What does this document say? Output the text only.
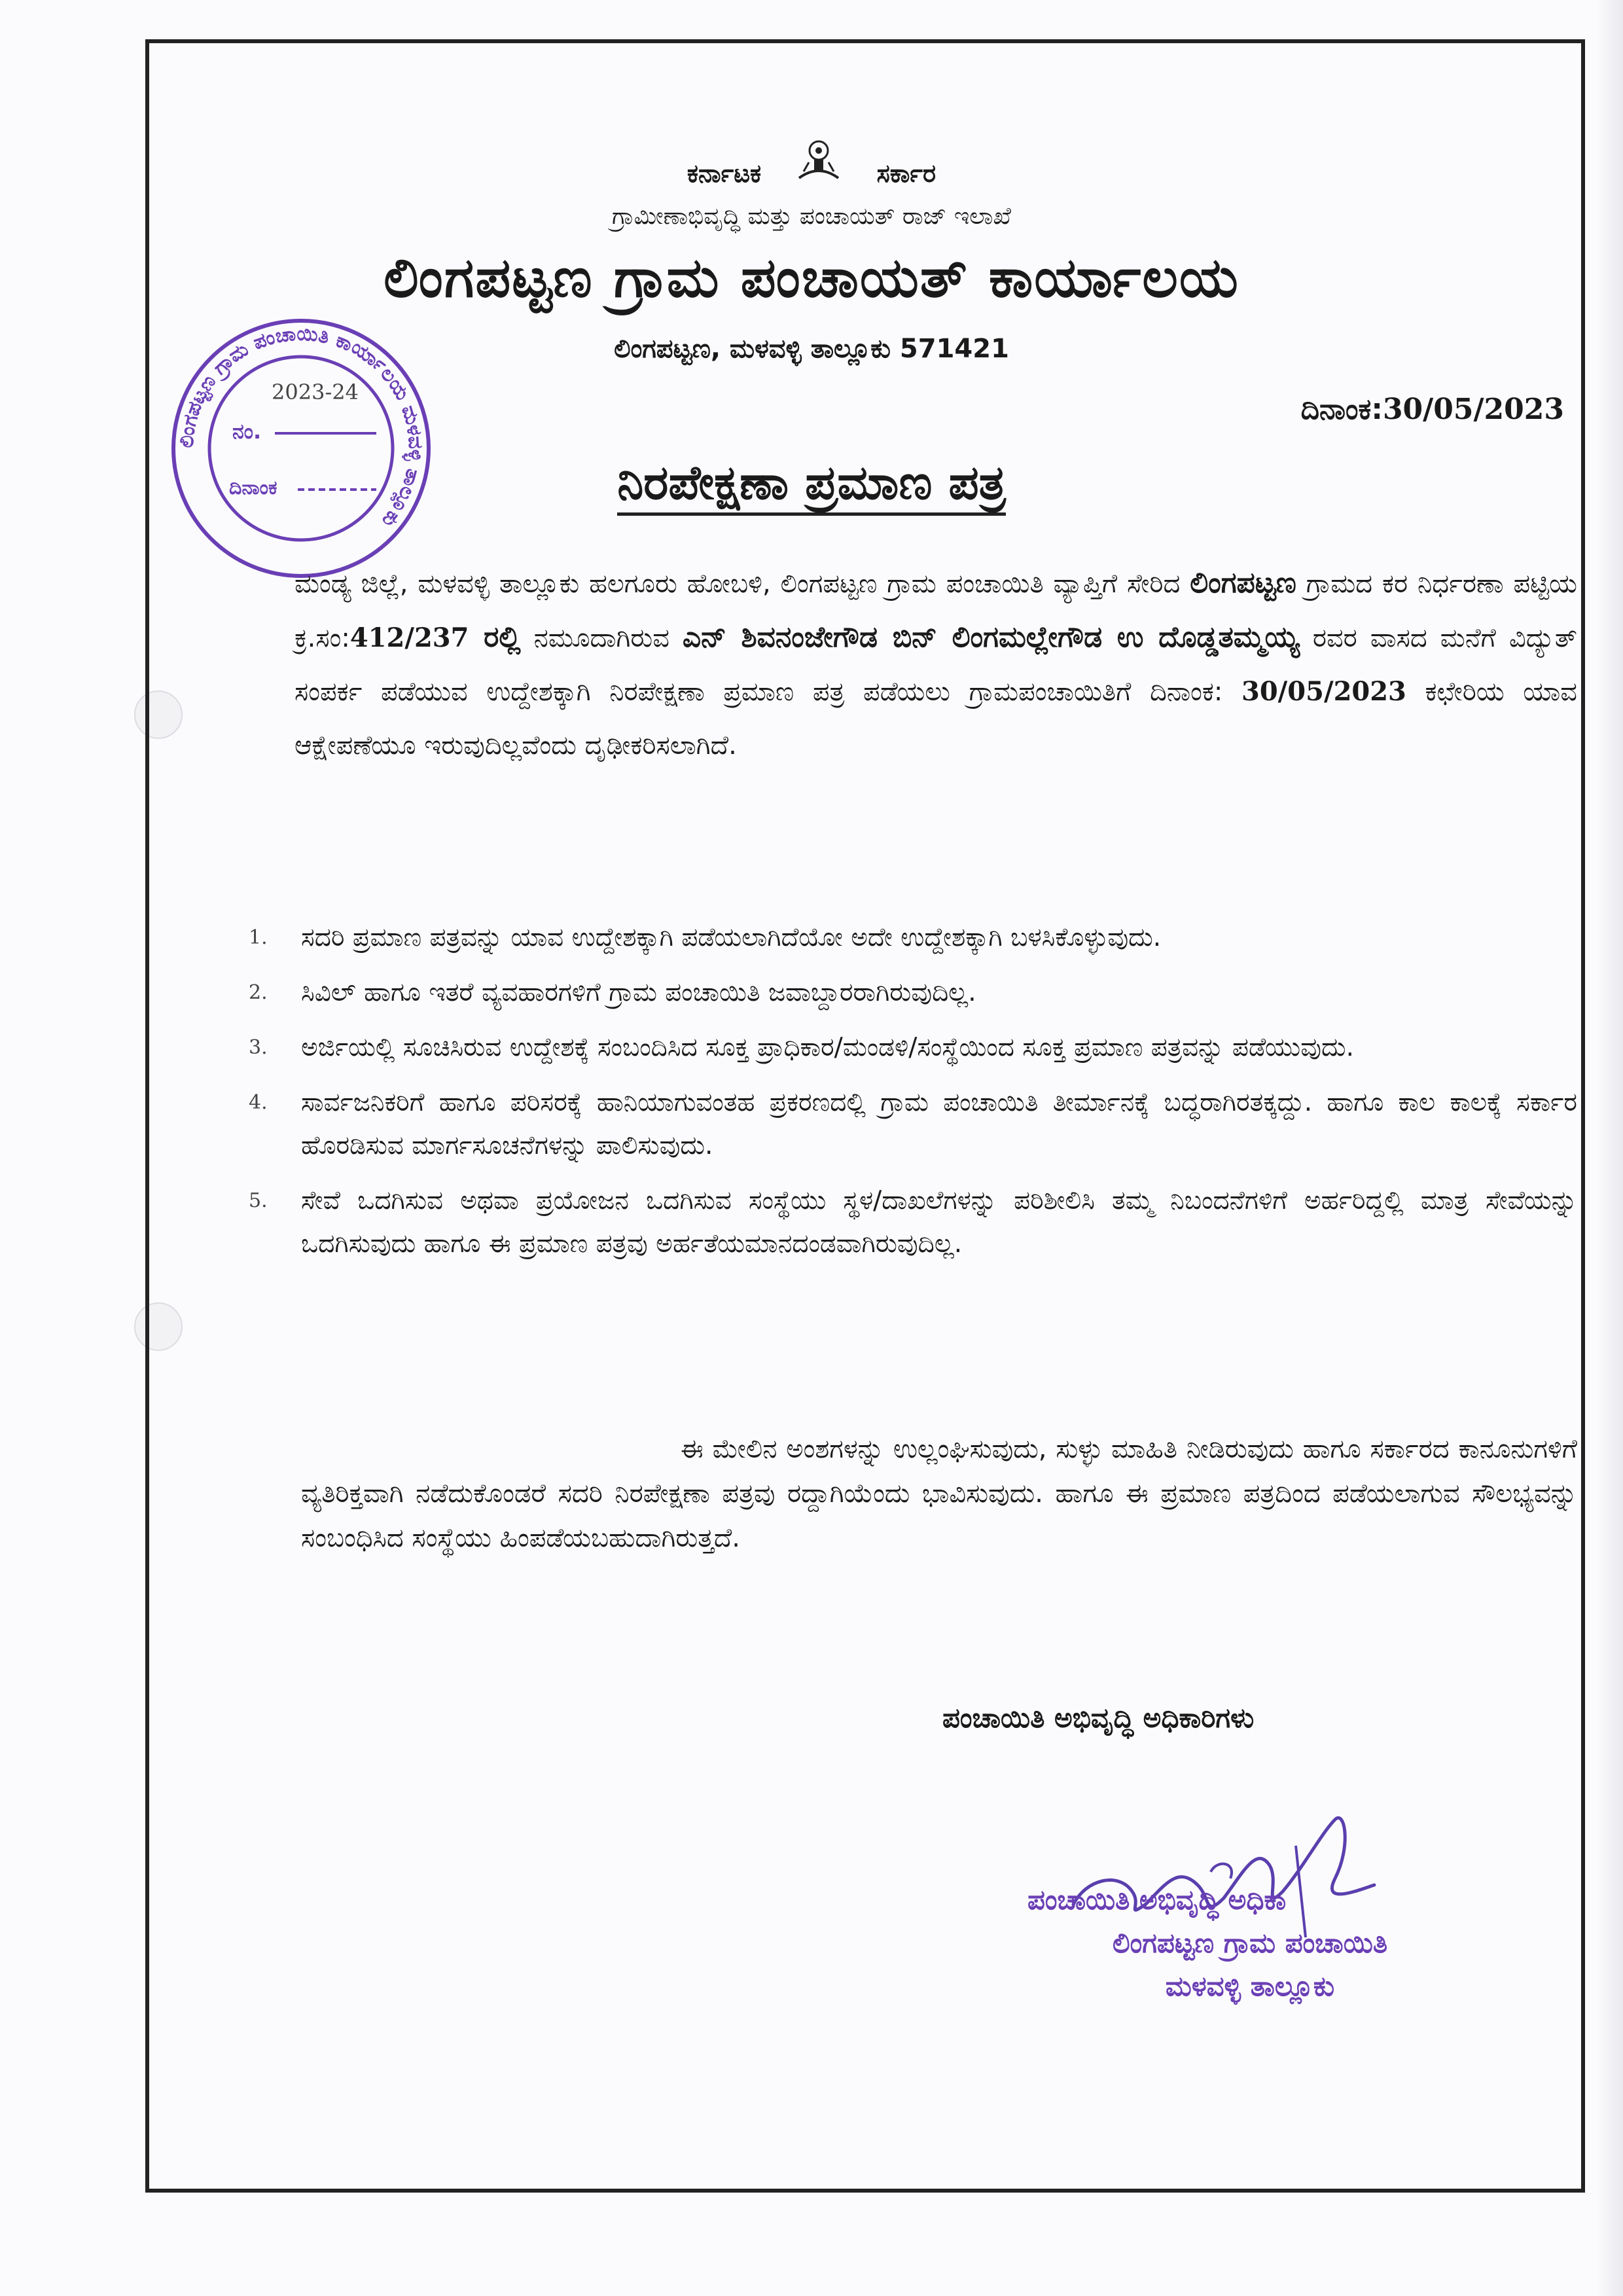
ಕರ್ನಾಟಕ	ಸರ್ಕಾರ
ಗ್ರಾಮೀಣಾಭಿವೃದ್ಧಿ ಮತ್ತು ಪಂಚಾಯತ್ ರಾಜ್ ಇಲಾಖೆ
ಲಿಂಗಪಟ್ಟಣ ಗ್ರಾಮ ಪಂಚಾಯತ್ ಕಾರ್ಯಾಲಯ
ಲಿಂಗಪಟ್ಟಣ, ಮಳವಳ್ಳಿ ತಾಲ್ಲೂಕು 571421
ದಿನಾಂಕ:30/05/2023
ಲಿಂಗಪಟ್ಟಣ ಗ್ರಾಮ ಪಂಚಾಯಿತಿ ಕಾರ್ಯಾಲಯ ಮಳವಳ್ಳಿ ತಾಲ್ಲೂಕು
2023-24
ನಂ.
ದಿನಾಂಕ	ನಿರಪೇಕ್ಷಣಾ ಪ್ರಮಾಣ ಪತ್ರ
ಮಂಡ್ಯ ಜಿಲ್ಲೆ, ಮಳವಳ್ಳಿ ತಾಲ್ಲೂಕು ಹಲಗೂರು ಹೋಬಳಿ, ಲಿಂಗಪಟ್ಟಣ ಗ್ರಾಮ ಪಂಚಾಯಿತಿ ವ್ಯಾಪ್ತಿಗೆ ಸೇರಿದ ಲಿಂಗಪಟ್ಟಣ ಗ್ರಾಮದ ಕರ ನಿರ್ಧರಣಾ ಪಟ್ಟಿಯ ಕ್ರ.ಸಂ:412/237 ರಲ್ಲಿ ನಮೂದಾಗಿರುವ ಎನ್ ಶಿವನಂಜೇಗೌಡ ಬಿನ್ ಲಿಂಗಮಲ್ಲೇಗೌಡ ಉ ದೊಡ್ಡತಮ್ಮಯ್ಯ ರವರ ವಾಸದ ಮನೆಗೆ ವಿದ್ಯುತ್ ಸಂಪರ್ಕ ಪಡೆಯುವ ಉದ್ದೇಶಕ್ಕಾಗಿ ನಿರಪೇಕ್ಷಣಾ ಪ್ರಮಾಣ ಪತ್ರ ಪಡೆಯಲು ಗ್ರಾಮಪಂಚಾಯಿತಿಗೆ ದಿನಾಂಕ: 30/05/2023 ಕಛೇರಿಯ ಯಾವ ಆಕ್ಷೇಪಣೆಯೂ ಇರುವುದಿಲ್ಲವೆಂದು ದೃಢೀಕರಿಸಲಾಗಿದೆ.
1. ಸದರಿ ಪ್ರಮಾಣ ಪತ್ರವನ್ನು ಯಾವ ಉದ್ದೇಶಕ್ಕಾಗಿ ಪಡೆಯಲಾಗಿದೆಯೋ ಅದೇ ಉದ್ದೇಶಕ್ಕಾಗಿ ಬಳಸಿಕೊಳ್ಳುವುದು.
2. ಸಿವಿಲ್ ಹಾಗೂ ಇತರೆ ವ್ಯವಹಾರಗಳಿಗೆ ಗ್ರಾಮ ಪಂಚಾಯಿತಿ ಜವಾಬ್ದಾರರಾಗಿರುವುದಿಲ್ಲ.
3. ಅರ್ಜಿಯಲ್ಲಿ ಸೂಚಿಸಿರುವ ಉದ್ದೇಶಕ್ಕೆ ಸಂಬಂದಿಸಿದ ಸೂಕ್ತ ಪ್ರಾಧಿಕಾರ/ಮಂಡಳಿ/ಸಂಸ್ಥೆಯಿಂದ ಸೂಕ್ತ ಪ್ರಮಾಣ ಪತ್ರವನ್ನು ಪಡೆಯುವುದು.
4. ಸಾರ್ವಜನಿಕರಿಗೆ ಹಾಗೂ ಪರಿಸರಕ್ಕೆ ಹಾನಿಯಾಗುವಂತಹ ಪ್ರಕರಣದಲ್ಲಿ ಗ್ರಾಮ ಪಂಚಾಯಿತಿ ತೀರ್ಮಾನಕ್ಕೆ ಬದ್ಧರಾಗಿರತಕ್ಕದ್ದು. ಹಾಗೂ ಕಾಲ ಕಾಲಕ್ಕೆ ಸರ್ಕಾರ ಹೊರಡಿಸುವ ಮಾರ್ಗಸೂಚನೆಗಳನ್ನು ಪಾಲಿಸುವುದು.
5. ಸೇವೆ ಒದಗಿಸುವ ಅಥವಾ ಪ್ರಯೋಜನ ಒದಗಿಸುವ ಸಂಸ್ಥೆಯು ಸ್ಥಳ/ದಾಖಲೆಗಳನ್ನು ಪರಿಶೀಲಿಸಿ ತಮ್ಮ ನಿಬಂದನೆಗಳಿಗೆ ಅರ್ಹರಿದ್ದಲ್ಲಿ ಮಾತ್ರ ಸೇವೆಯನ್ನು ಒದಗಿಸುವುದು ಹಾಗೂ ಈ ಪ್ರಮಾಣ ಪತ್ರವು ಅರ್ಹತೆಯಮಾನದಂಡವಾಗಿರುವುದಿಲ್ಲ.
ಈ ಮೇಲಿನ ಅಂಶಗಳನ್ನು ಉಲ್ಲಂಘಿಸುವುದು, ಸುಳ್ಳು ಮಾಹಿತಿ ನೀಡಿರುವುದು ಹಾಗೂ ಸರ್ಕಾರದ ಕಾನೂನುಗಳಿಗೆ ವ್ಯತಿರಿಕ್ತವಾಗಿ ನಡೆದುಕೊಂಡರೆ ಸದರಿ ನಿರಪೇಕ್ಷಣಾ ಪತ್ರವು ರದ್ದಾಗಿಯೆಂದು ಭಾವಿಸುವುದು. ಹಾಗೂ ಈ ಪ್ರಮಾಣ ಪತ್ರದಿಂದ ಪಡೆಯಲಾಗುವ ಸೌಲಭ್ಯವನ್ನು ಸಂಬಂಧಿಸಿದ ಸಂಸ್ಥೆಯು ಹಿಂಪಡೆಯಬಹುದಾಗಿರುತ್ತದೆ.
ಪಂಚಾಯಿತಿ ಅಭಿವೃದ್ಧಿ ಅಧಿಕಾರಿಗಳು
ಪಂಚಾಯಿತಿ ಅಭಿವೃದ್ಧಿ ಅಧಿಕಾ
ಲಿಂಗಪಟ್ಟಣ ಗ್ರಾಮ ಪಂಚಾಯಿತಿ
ಮಳವಳ್ಳಿ ತಾಲ್ಲೂಕು
